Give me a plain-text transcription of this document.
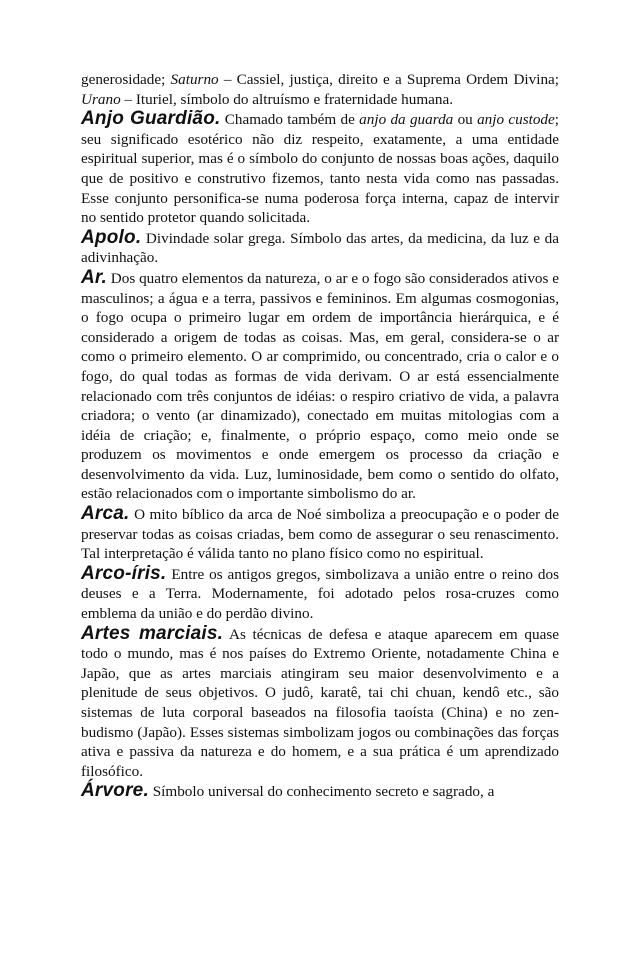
generosidade; Saturno – Cassiel, justiça, direito e a Suprema Ordem Divina; Urano – Ituriel, símbolo do altruísmo e fraternidade humana.

Anjo Guardião. Chamado também de anjo da guarda ou anjo custode; seu significado esotérico não diz respeito, exatamente, a uma entidade espiritual superior, mas é o símbolo do conjunto de nossas boas ações, daquilo que de positivo e construtivo fizemos, tanto nesta vida como nas passadas. Esse conjunto personifica-se numa poderosa força interna, capaz de intervir no sentido protetor quando solicitada.

Apolo. Divindade solar grega. Símbolo das artes, da medicina, da luz e da adivinhação.

Ar. Dos quatro elementos da natureza, o ar e o fogo são considerados ativos e masculinos; a água e a terra, passivos e femininos. Em algumas cosmogonias, o fogo ocupa o primeiro lugar em ordem de importância hierárquica, e é considerado a origem de todas as coisas. Mas, em geral, considera-se o ar como o primeiro elemento. O ar comprimido, ou concentrado, cria o calor e o fogo, do qual todas as formas de vida derivam. O ar está essencialmente relacionado com três conjuntos de idéias: o respiro criativo de vida, a palavra criadora; o vento (ar dinamizado), conectado em muitas mitologias com a idéia de criação; e, finalmente, o próprio espaço, como meio onde se produzem os movimentos e onde emergem os processo da criação e desenvolvimento da vida. Luz, luminosidade, bem como o sentido do olfato, estão relacionados com o importante simbolismo do ar.

Arca. O mito bíblico da arca de Noé simboliza a preocupação e o poder de preservar todas as coisas criadas, bem como de assegurar o seu renascimento. Tal interpretação é válida tanto no plano físico como no espiritual.

Arco-íris. Entre os antigos gregos, simbolizava a união entre o reino dos deuses e a Terra. Modernamente, foi adotado pelos rosa-cruzes como emblema da união e do perdão divino.

Artes marciais. As técnicas de defesa e ataque aparecem em quase todo o mundo, mas é nos países do Extremo Oriente, notadamente China e Japão, que as artes marciais atingiram seu maior desenvolvimento e a plenitude de seus objetivos. O judô, karatê, tai chi chuan, kendô etc., são sistemas de luta corporal baseados na filosofia taoísta (China) e no zen-budismo (Japão). Esses sistemas simbolizam jogos ou combinações das forças ativa e passiva da natureza e do homem, e a sua prática é um aprendizado filosófico.

Árvore. Símbolo universal do conhecimento secreto e sagrado, a
